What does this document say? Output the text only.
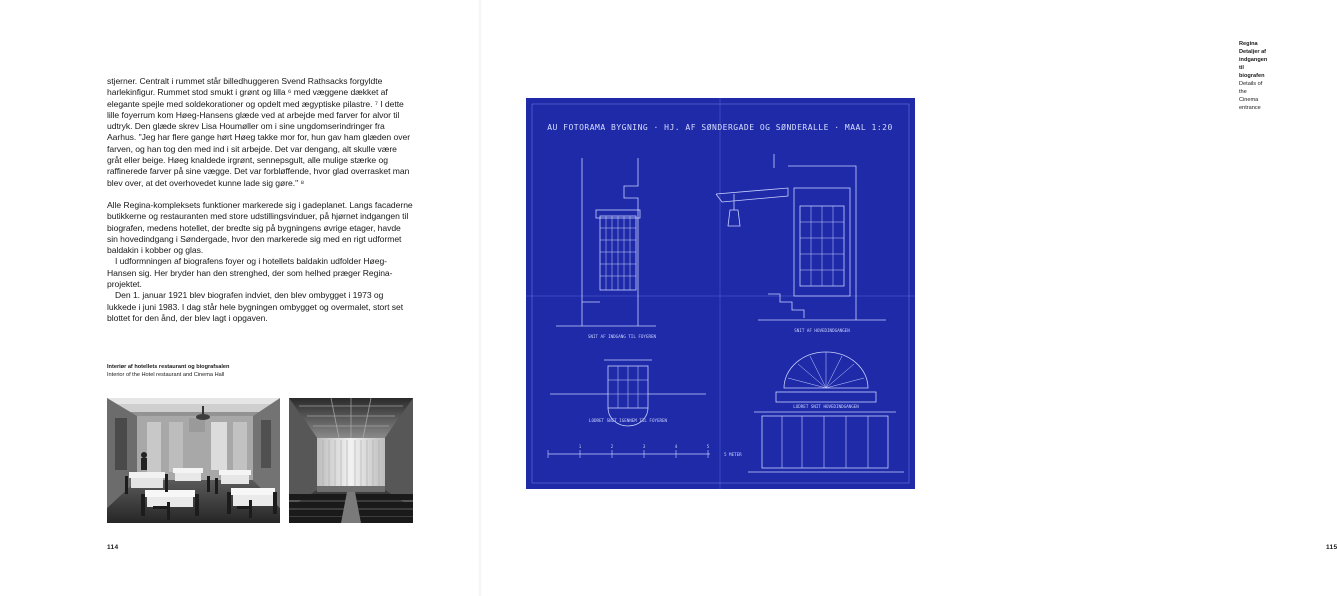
stjerner. Centralt i rummet står billedhuggeren Svend Rathsacks forgyldte harlekinfigur. Rummet stod smukt i grønt og lilla ⁶ med væggene dækket af elegante spejle med soldekorationer og opdelt med ægyptiske pilastre. ⁷ I dette lille foyerrum kom Høeg-Hansens glæde ved at arbejde med farver for alvor til udtryk. Den glæde skrev Lisa Houmøller om i sine ungdomserindringer fra Aarhus. "Jeg har flere gange hørt Høeg takke mor for, hun gav ham glæden over farven, og han tog den med ind i sit arbejde. Det var dengang, alt skulle være gråt eller beige. Høeg knaldede irgrønt, sennepsgult, alle mulige stærke og raffinerede farver på sine vægge. Det var forbløffende, hvor glad overrasket man blev over, at det overhovedet kunne lade sig gøre." ⁸

Alle Regina-kompleksets funktioner markerede sig i gadeplanet. Langs facaderne butikkerne og restauranten med store udstillingsvinduer, på hjørnet indgangen til biografen, medens hotellet, der bredte sig på bygningens øvrige etager, havde sin hovedindgang i Søndergade, hvor den markerede sig med en rigt udformet baldakin i kobber og glas.

I udformningen af biografens foyer og i hotellets baldakin udfolder Høeg-Hansen sig. Her bryder han den strenghed, der som helhed præger Regina-projektet.

Den 1. januar 1921 blev biografen indviet, den blev ombygget i 1973 og lukkede i juni 1983. I dag står hele bygningen ombygget og overmalet, stort set blottet for den ånd, der blev lagt i opgaven.

Interiør af hotellets restaurant og biografsalen
Interior of the Hotel restaurant and Cinema Hall
114
Regina
Detaljer af indgangen til biografen
Details of the Cinema entrance
115
AU FOTORAMA BYGNING · HJ. AF SØNDERGADE OG SØNDERALLE · MAAL 1:20
SNIT AF INDGANG TIL FOYEREN
SNIT AF HOVEDINDGANGEN
LODRET SNIT IGENNEM TIL FOYEREN
LODRET SNIT HOVEDINDGANGEN
5 METER
1	2	3	4	5
